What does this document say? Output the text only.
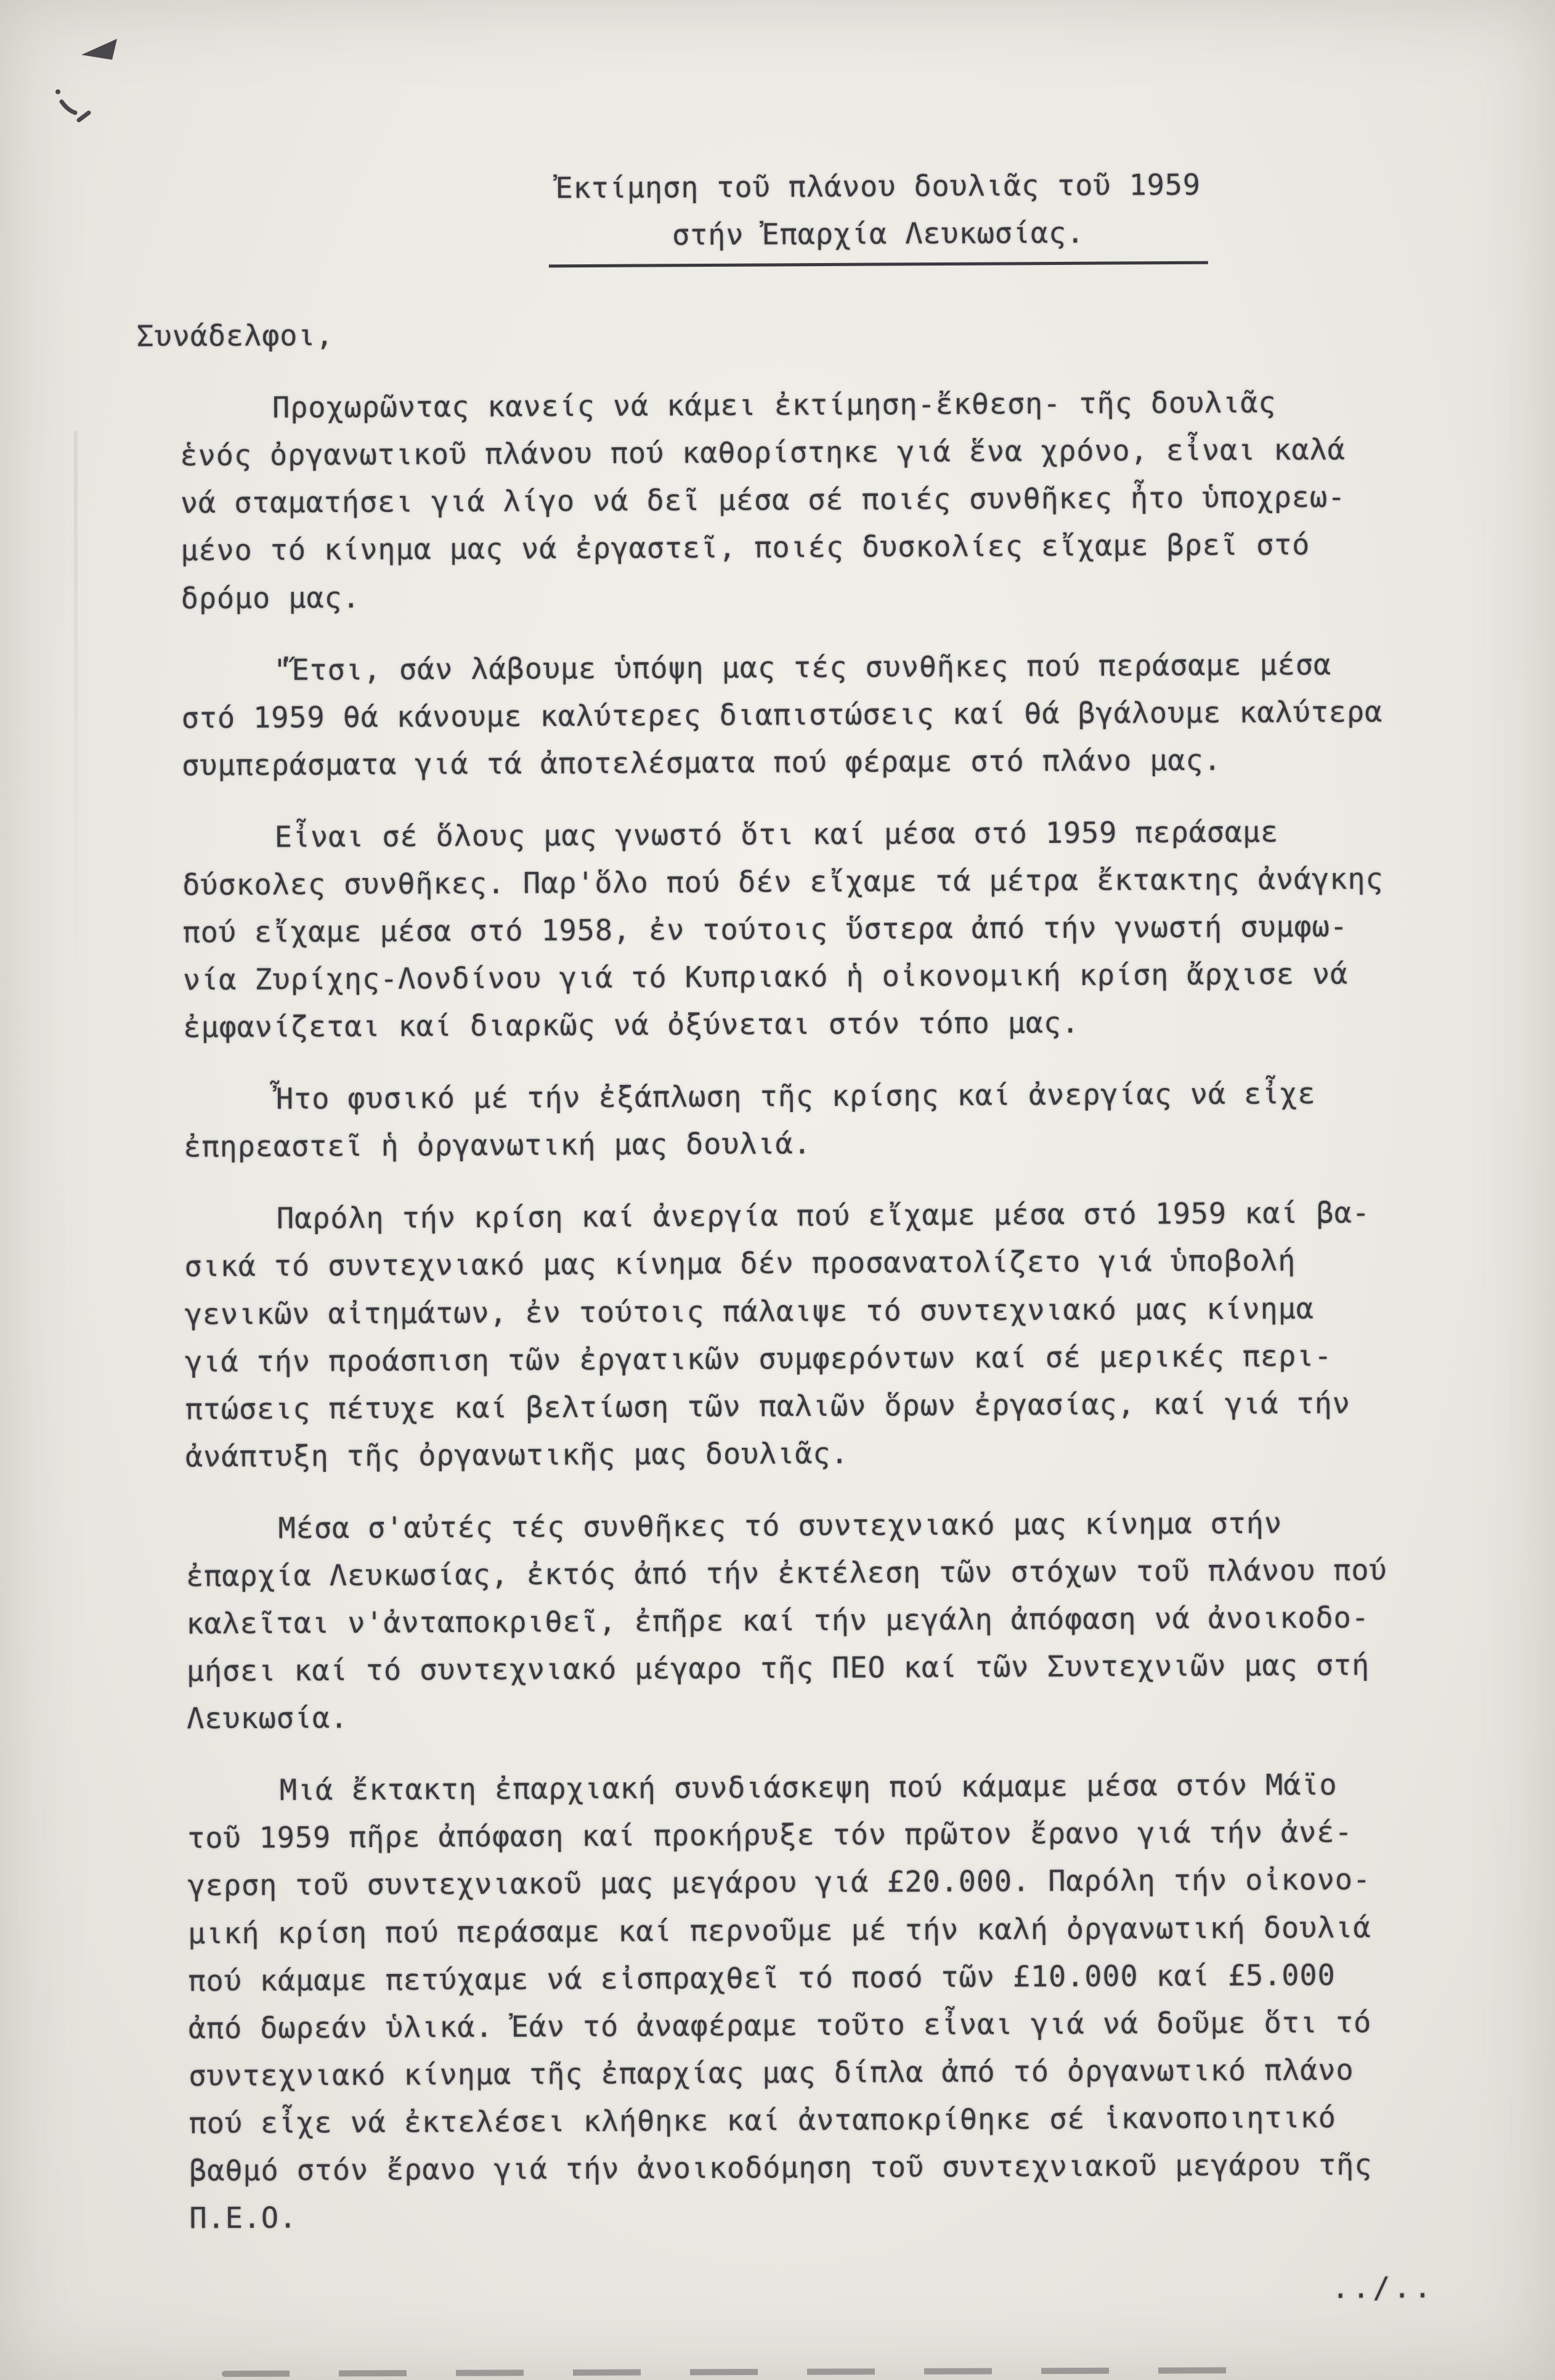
Ἐκτίμηση τοῦ πλάνου δουλιᾶς τοῦ 1959
στήν Ἐπαρχία Λευκωσίας.
Συνάδελφοι,
Προχωρῶντας κανείς νά κάμει ἐκτίμηση-ἔκθεση- τῆς δουλιᾶς
ἑνός ὀργανωτικοῦ πλάνου πού καθορίστηκε γιά ἕνα χρόνο, εἶναι καλά
νά σταματήσει γιά λίγο νά δεῖ μέσα σέ ποιές συνθῆκες ἦτο ὑποχρεω-
μένο τό κίνημα μας νά ἐργαστεῖ, ποιές δυσκολίες εἴχαμε βρεῖ στό
δρόμο μας.
"Ἔτσι, σάν λάβουμε ὑπόψη μας τές συνθῆκες πού περάσαμε μέσα
στό 1959 θά κάνουμε καλύτερες διαπιστώσεις καί θά βγάλουμε καλύτερα
συμπεράσματα γιά τά ἀποτελέσματα πού φέραμε στό πλάνο μας.
Εἶναι σέ ὅλους μας γνωστό ὅτι καί μέσα στό 1959 περάσαμε
δύσκολες συνθῆκες. Παρ'ὅλο πού δέν εἴχαμε τά μέτρα ἔκτακτης ἀνάγκης
πού εἴχαμε μέσα στό 1958, ἐν τούτοις ὕστερα ἀπό τήν γνωστή συμφω-
νία Ζυρίχης-Λονδίνου γιά τό Κυπριακό ἡ οἰκονομική κρίση ἄρχισε νά
ἐμφανίζεται καί διαρκῶς νά ὀξύνεται στόν τόπο μας.
Ἦτο φυσικό μέ τήν ἐξάπλωση τῆς κρίσης καί ἀνεργίας νά εἶχε
ἐπηρεαστεῖ ἡ ὀργανωτική μας δουλιά.
Παρόλη τήν κρίση καί ἀνεργία πού εἴχαμε μέσα στό 1959 καί βα-
σικά τό συντεχνιακό μας κίνημα δέν προσανατολίζετο γιά ὑποβολή
γενικῶν αἰτημάτων, ἐν τούτοις πάλαιψε τό συντεχνιακό μας κίνημα
γιά τήν προάσπιση τῶν ἐργατικῶν συμφερόντων καί σέ μερικές περι-
πτώσεις πέτυχε καί βελτίωση τῶν παλιῶν ὅρων ἐργασίας, καί γιά τήν
ἀνάπτυξη τῆς ὀργανωτικῆς μας δουλιᾶς.
Μέσα σ'αὐτές τές συνθῆκες τό συντεχνιακό μας κίνημα στήν
ἐπαρχία Λευκωσίας, ἐκτός ἀπό τήν ἐκτέλεση τῶν στόχων τοῦ πλάνου πού
καλεῖται ν'ἀνταποκριθεῖ, ἐπῆρε καί τήν μεγάλη ἀπόφαση νά ἀνοικοδο-
μήσει καί τό συντεχνιακό μέγαρο τῆς ΠΕΟ καί τῶν Συντεχνιῶν μας στή
Λευκωσία.
Μιά ἔκτακτη ἐπαρχιακή συνδιάσκεψη πού κάμαμε μέσα στόν Μάϊο
τοῦ 1959 πῆρε ἀπόφαση καί προκήρυξε τόν πρῶτον ἔρανο γιά τήν ἀνέ-
γερση τοῦ συντεχνιακοῦ μας μεγάρου γιά £20.000. Παρόλη τήν οἰκονο-
μική κρίση πού περάσαμε καί περνοῦμε μέ τήν καλή ὀργανωτική δουλιά
πού κάμαμε πετύχαμε νά εἰσπραχθεῖ τό ποσό τῶν £10.000 καί £5.000
ἀπό δωρεάν ὑλικά. Ἐάν τό ἀναφέραμε τοῦτο εἶναι γιά νά δοῦμε ὅτι τό
συντεχνιακό κίνημα τῆς ἐπαρχίας μας δίπλα ἀπό τό ὀργανωτικό πλάνο
πού εἶχε νά ἐκτελέσει κλήθηκε καί ἀνταποκρίθηκε σέ ἱκανοποιητικό
βαθμό στόν ἔρανο γιά τήν ἀνοικοδόμηση τοῦ συντεχνιακοῦ μεγάρου τῆς
Π.Ε.Ο.
../..
